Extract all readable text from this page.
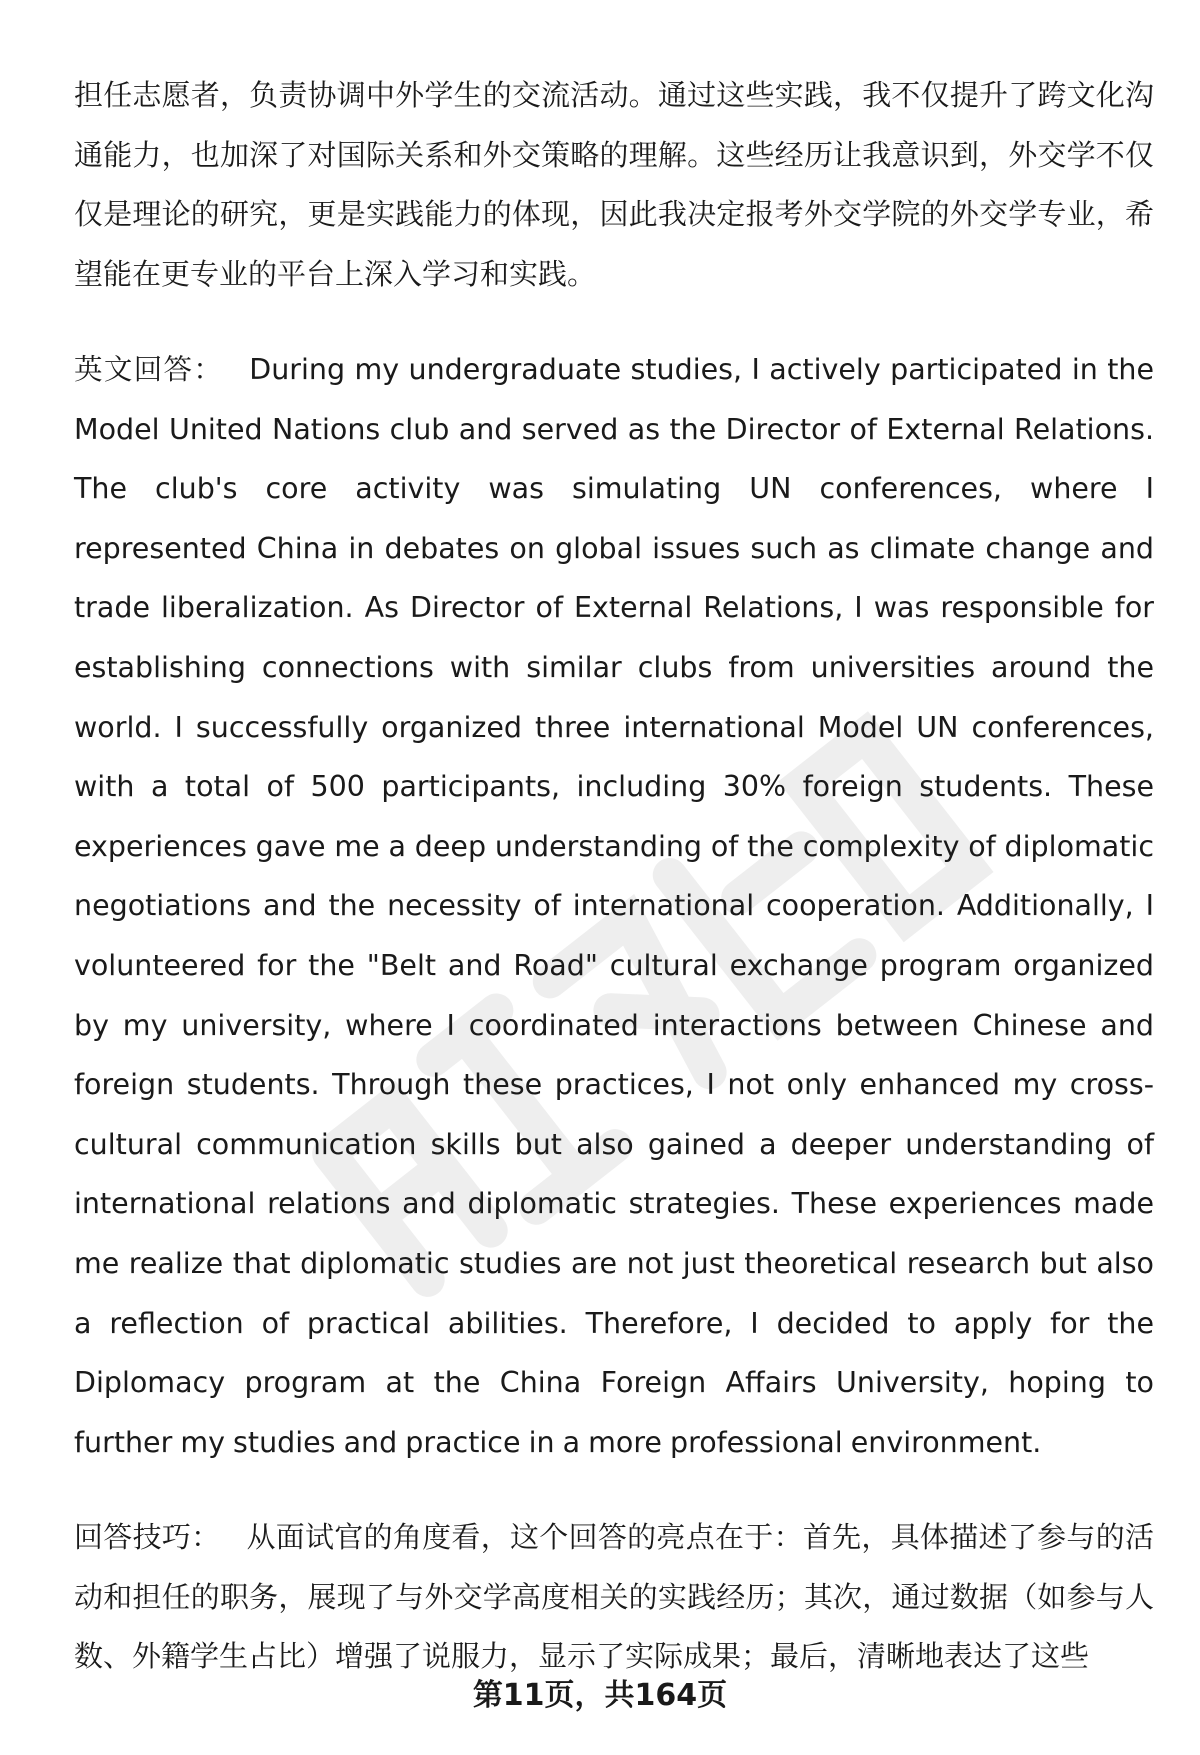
担任志愿者，负责协调中外学生的交流活动。通过这些实践，我不仅提升了跨文化沟通能力，也加深了对国际关系和外交策略的理解。这些经历让我意识到，外交学不仅仅是理论的研究，更是实践能力的体现，因此我决定报考外交学院的外交学专业，希望能在更专业的平台上深入学习和实践。

英文回答： During my undergraduate studies, I actively participated in the Model United Nations club and served as the Director of External Relations. The club's core activity was simulating UN conferences, where I represented China in debates on global issues such as climate change and trade liberalization. As Director of External Relations, I was responsible for establishing connections with similar clubs from universities around the world. I successfully organized three international Model UN conferences, with a total of 500 participants, including 30% foreign students. These experiences gave me a deep understanding of the complexity of diplomatic negotiations and the necessity of international cooperation. Additionally, I volunteered for the "Belt and Road" cultural exchange program organized by my university, where I coordinated interactions between Chinese and foreign students. Through these practices, I not only enhanced my cross-cultural communication skills but also gained a deeper understanding of international relations and diplomatic strategies. These experiences made me realize that diplomatic studies are not just theoretical research but also a reflection of practical abilities. Therefore, I decided to apply for the Diplomacy program at the China Foreign Affairs University, hoping to further my studies and practice in a more professional environment.

回答技巧： 从面试官的角度看，这个回答的亮点在于：首先，具体描述了参与的活动和担任的职务，展现了与外交学高度相关的实践经历；其次，通过数据（如参与人数、外籍学生占比）增强了说服力，显示了实际成果；最后，清晰地表达了这些

第11页，共164页
